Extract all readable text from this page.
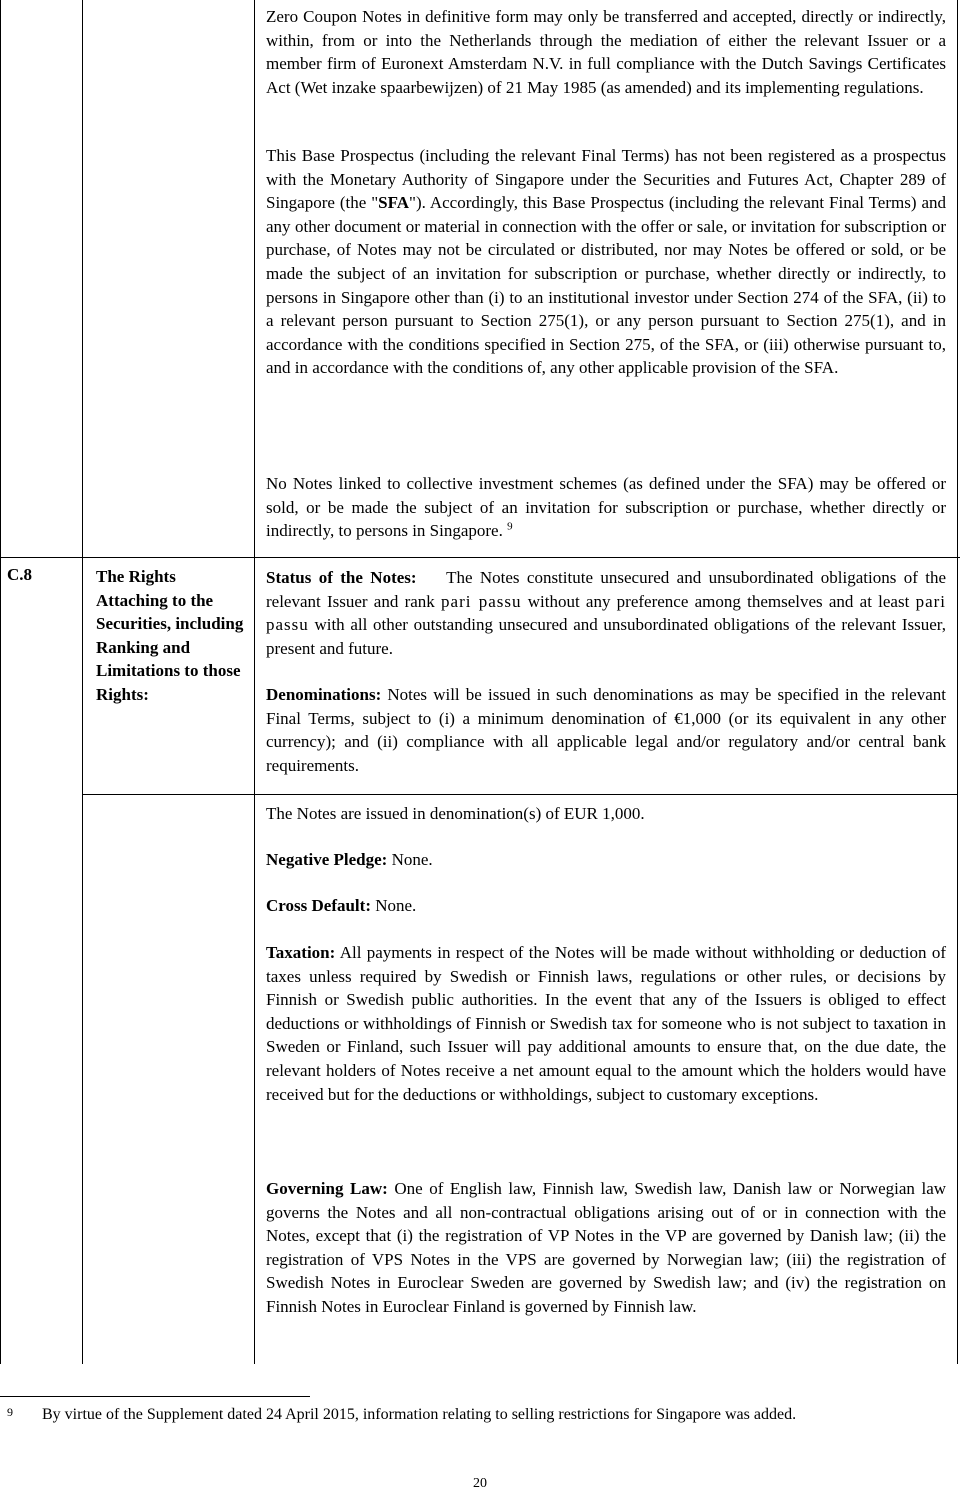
Zero Coupon Notes in definitive form may only be transferred and accepted, directly or indirectly, within, from or into the Netherlands through the mediation of either the relevant Issuer or a member firm of Euronext Amsterdam N.V. in full compliance with the Dutch Savings Certificates Act (Wet inzake spaarbewijzen) of 21 May 1985 (as amended) and its implementing regulations.

This Base Prospectus (including the relevant Final Terms) has not been registered as a prospectus with the Monetary Authority of Singapore under the Securities and Futures Act, Chapter 289 of Singapore (the "SFA"). Accordingly, this Base Prospectus (including the relevant Final Terms) and any other document or material in connection with the offer or sale, or invitation for subscription or purchase, of Notes may not be circulated or distributed, nor may Notes be offered or sold, or be made the subject of an invitation for subscription or purchase, whether directly or indirectly, to persons in Singapore other than (i) to an institutional investor under Section 274 of the SFA, (ii) to a relevant person pursuant to Section 275(1), or any person pursuant to Section 275(1), and in accordance with the conditions specified in Section 275, of the SFA, or (iii) otherwise pursuant to, and in accordance with the conditions of, any other applicable provision of the SFA.

No Notes linked to collective investment schemes (as defined under the SFA) may be offered or sold, or be made the subject of an invitation for subscription or purchase, whether directly or indirectly, to persons in Singapore. $^9$

C.8	The Rights Attaching to the Securities, including Ranking and Limitations to those Rights:

Status of the Notes: The Notes constitute unsecured and unsubordinated obligations of the relevant Issuer and rank pari passu without any preference among themselves and at least pari passu with all other outstanding unsecured and unsubordinated obligations of the relevant Issuer, present and future.

Denominations: Notes will be issued in such denominations as may be specified in the relevant Final Terms, subject to (i) a minimum denomination of €1,000 (or its equivalent in any other currency); and (ii) compliance with all applicable legal and/or regulatory and/or central bank requirements.

The Notes are issued in denomination(s) of EUR 1,000.

Negative Pledge: None.

Cross Default: None.

Taxation: All payments in respect of the Notes will be made without withholding or deduction of taxes unless required by Swedish or Finnish laws, regulations or other rules, or decisions by Finnish or Swedish public authorities. In the event that any of the Issuers is obliged to effect deductions or withholdings of Finnish or Swedish tax for someone who is not subject to taxation in Sweden or Finland, such Issuer will pay additional amounts to ensure that, on the due date, the relevant holders of Notes receive a net amount equal to the amount which the holders would have received but for the deductions or withholdings, subject to customary exceptions.

Governing Law: One of English law, Finnish law, Swedish law, Danish law or Norwegian law governs the Notes and all non-contractual obligations arising out of or in connection with the Notes, except that (i) the registration of VP Notes in the VP are governed by Danish law; (ii) the registration of VPS Notes in the VPS are governed by Norwegian law; (iii) the registration of Swedish Notes in Euroclear Sweden are governed by Swedish law; and (iv) the registration on Finnish Notes in Euroclear Finland is governed by Finnish law.

9 By virtue of the Supplement dated 24 April 2015, information relating to selling restrictions for Singapore was added.
20
